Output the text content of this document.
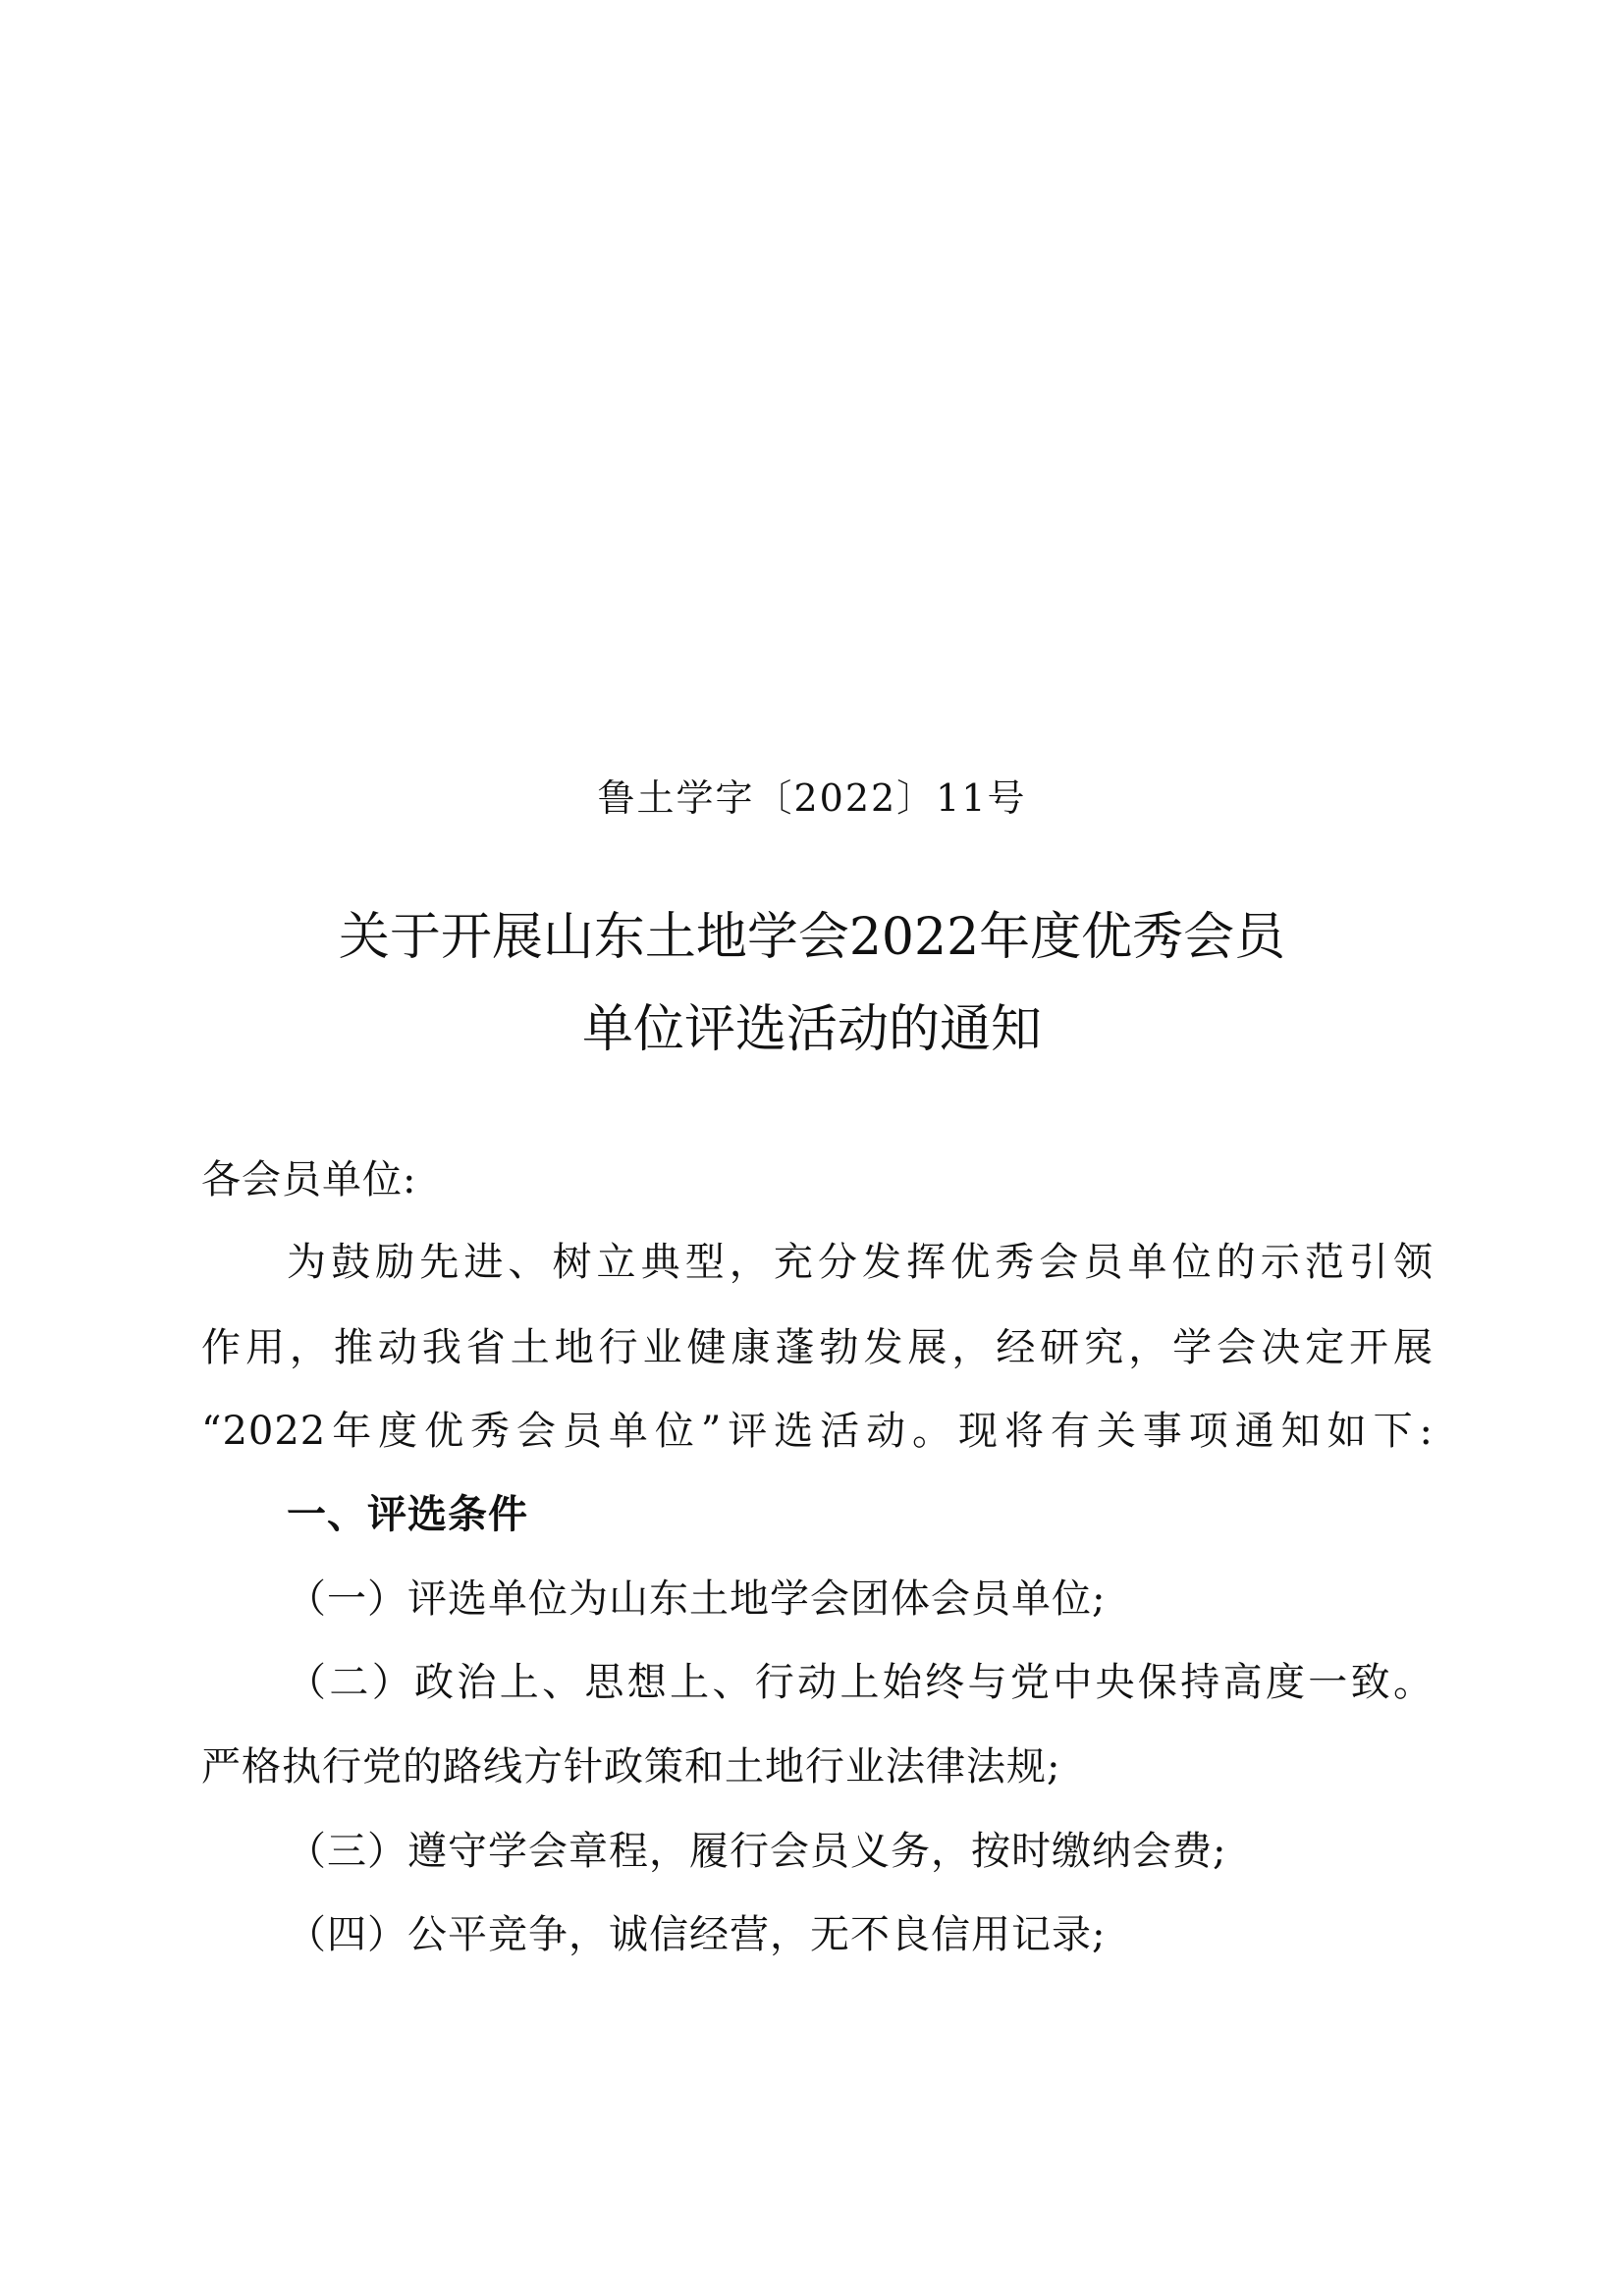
鲁土学字〔2022〕11号
关于开展山东土地学会2022年度优秀会员
单位评选活动的通知
各会员单位:
为鼓励先进、树立典型，充分发挥优秀会员单位的示范引领
作用，推动我省土地行业健康蓬勃发展，经研究，学会决定开展
“2022年度优秀会员单位”评选活动。现将有关事项通知如下:
一、评选条件
（一）评选单位为山东土地学会团体会员单位;
（二）政治上、思想上、行动上始终与党中央保持高度一致。
严格执行党的路线方针政策和土地行业法律法规;
（三）遵守学会章程，履行会员义务，按时缴纳会费;
（四）公平竞争，诚信经营，无不良信用记录;
